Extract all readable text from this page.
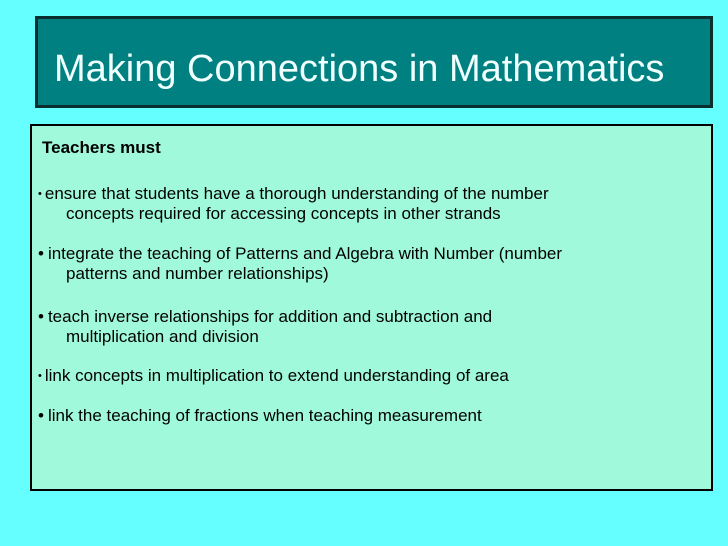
Making Connections in Mathematics
Teachers must
• ensure that students have a thorough understanding of the number
concepts required for accessing concepts in other strands
• integrate the teaching of Patterns and Algebra with Number (number
patterns and number relationships)
• teach inverse relationships for addition and subtraction and
multiplication and division
• link concepts in multiplication to extend understanding of area
• link the teaching of fractions when teaching measurement
